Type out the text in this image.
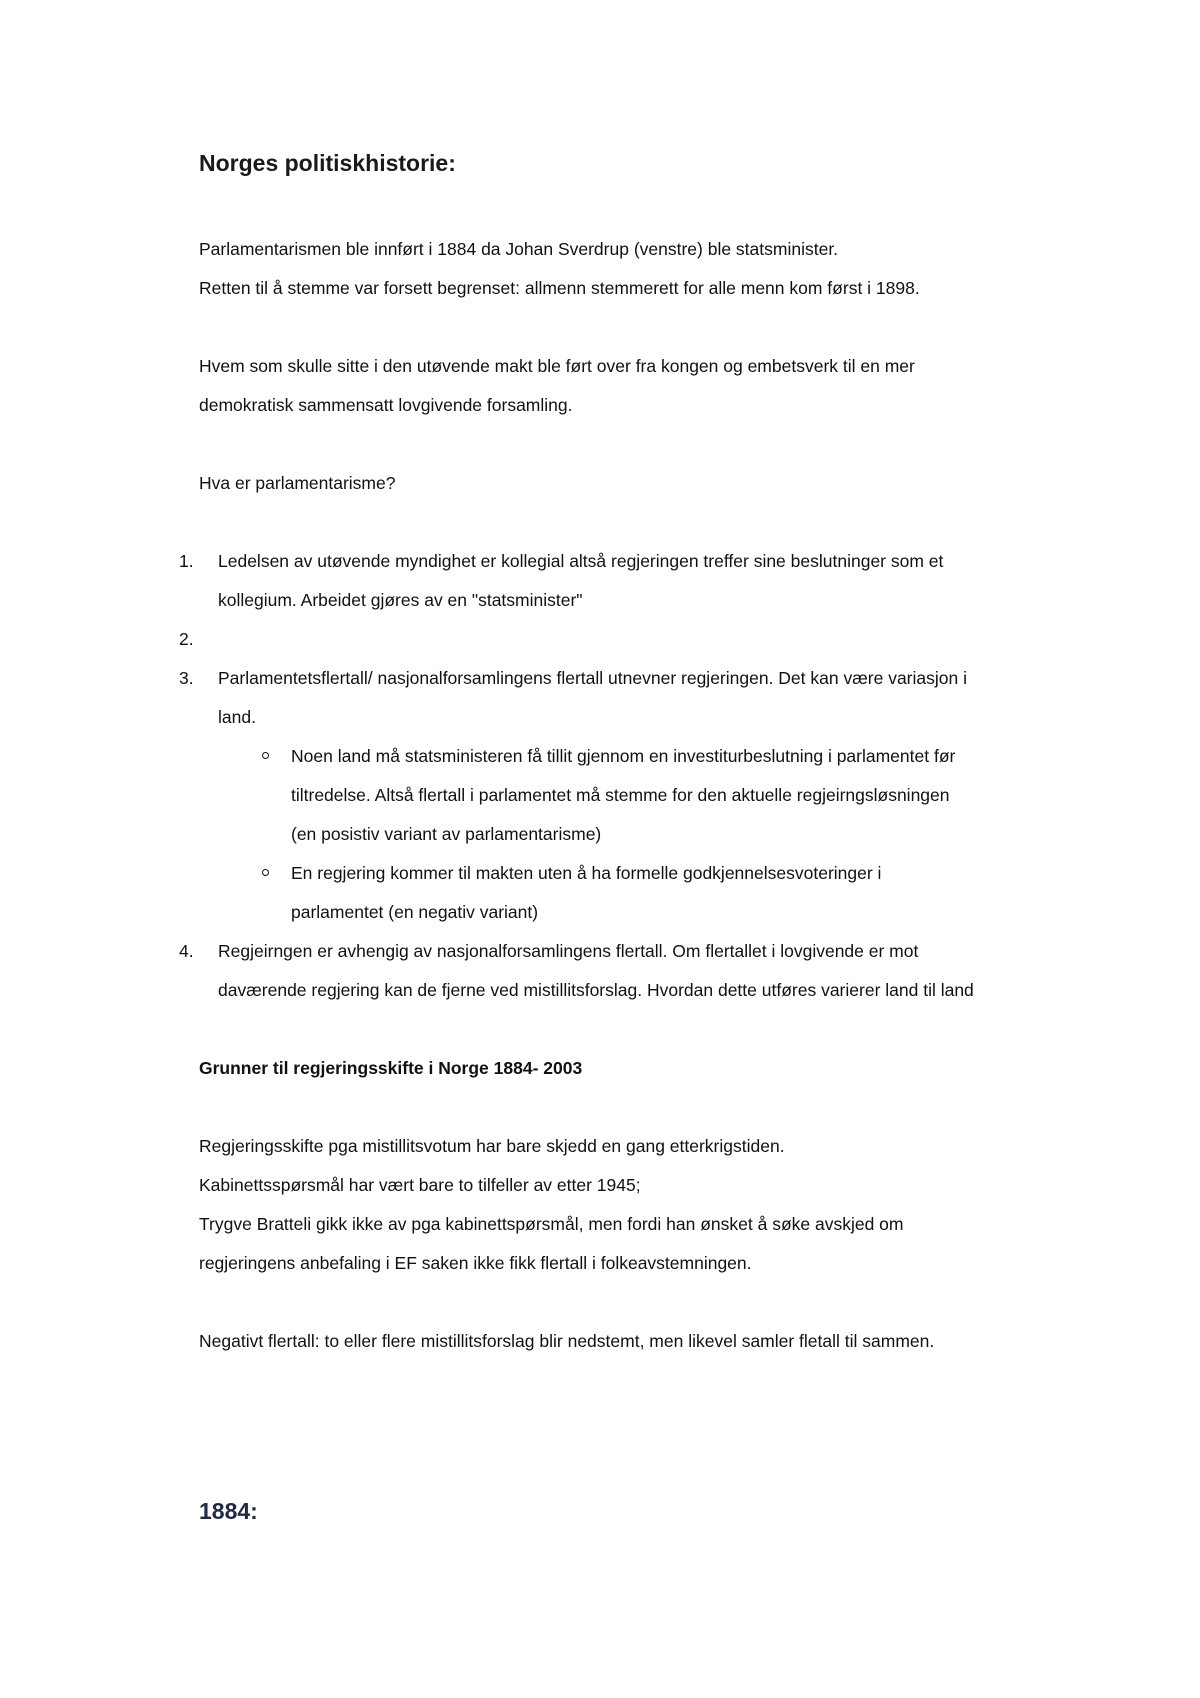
Norges politiskhistorie:

Parlamentarismen ble innført i 1884 da Johan Sverdrup (venstre) ble statsminister.

Retten til å stemme var forsett begrenset: allmenn stemmerett for alle menn kom først i 1898.

Hvem som skulle sitte i den utøvende makt ble ført over fra kongen og embetsverk til en mer

demokratisk sammensatt lovgivende forsamling.

Hva er parlamentarisme?

1.	Ledelsen av utøvende myndighet er kollegial altså regjeringen treffer sine beslutninger som et
kollegium. Arbeidet gjøres av en "statsminister"
2.
3.	Parlamentetsflertall/ nasjonalforsamlingens flertall utnevner regjeringen. Det kan være variasjon i
land.
Noen land må statsministeren få tillit gjennom en investiturbeslutning i parlamentet før
tiltredelse. Altså flertall i parlamentet må stemme for den aktuelle regjeirngsløsningen
(en posistiv variant av parlamentarisme)
En regjering kommer til makten uten å ha formelle godkjennelsesvoteringer i
parlamentet (en negativ variant)
4.	Regjeirngen er avhengig av nasjonalforsamlingens flertall. Om flertallet i lovgivende er mot
daværende regjering kan de fjerne ved mistillitsforslag. Hvordan dette utføres varierer land til land

Grunner til regjeringsskifte i Norge 1884- 2003

Regjeringsskifte pga mistillitsvotum har bare skjedd en gang etterkrigstiden.

Kabinettsspørsmål har vært bare to tilfeller av etter 1945;

Trygve Bratteli gikk ikke av pga kabinettspørsmål, men fordi han ønsket å søke avskjed om

regjeringens anbefaling i EF saken ikke fikk flertall i folkeavstemningen.

Negativt flertall: to eller flere mistillitsforslag blir nedstemt, men likevel samler fletall til sammen.

1884:
